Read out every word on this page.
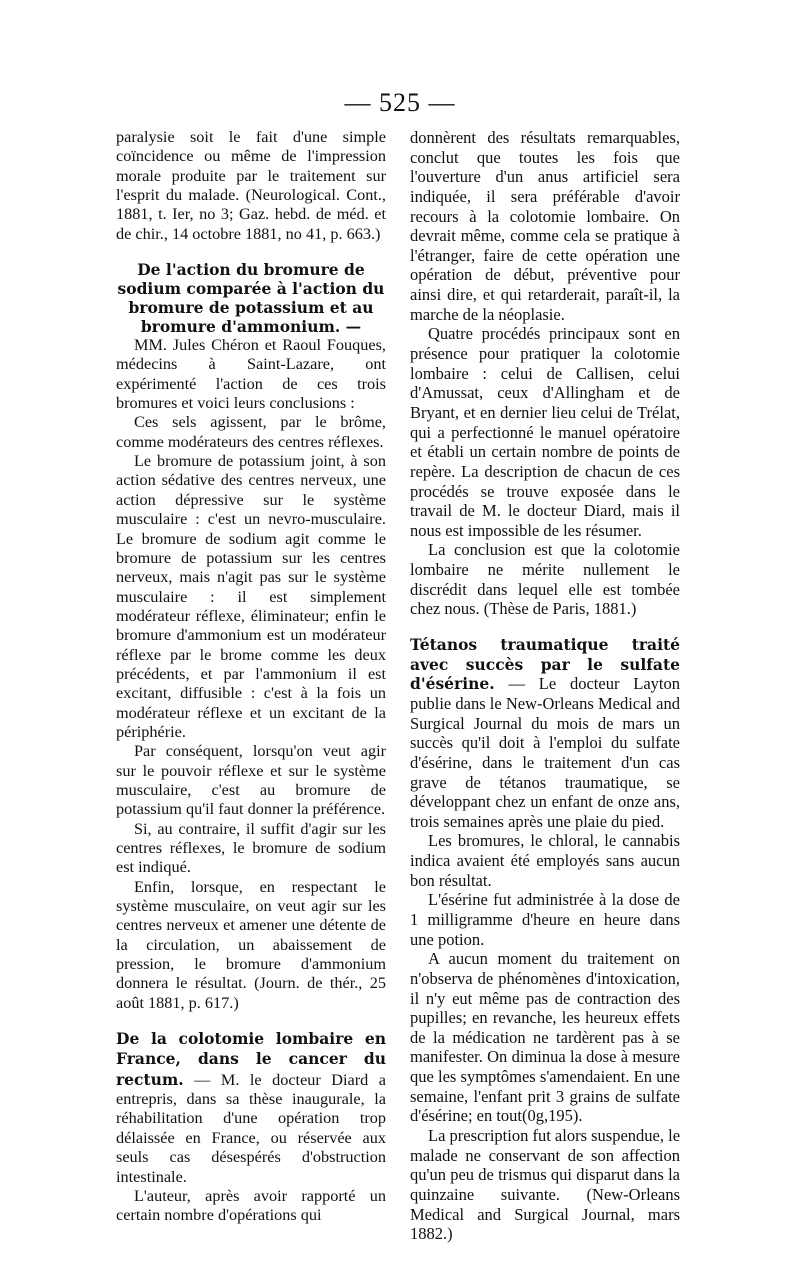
— 525 —

paralysie soit le fait d'une simple coïncidence ou même de l'impression morale produite par le traitement sur l'esprit du malade. (Neurological. Cont., 1881, t. Ier, no 3; Gaz. hebd. de méd. et de chir., 14 octobre 1881, no 41, p. 663.)

De l'action du bromure de sodium comparée à l'action du bromure de potassium et au bromure d'ammonium. —

MM. Jules Chéron et Raoul Fouques, médecins à Saint-Lazare, ont expérimenté l'action de ces trois bromures et voici leurs conclusions :

Ces sels agissent, par le brôme, comme modérateurs des centres réflexes.

Le bromure de potassium joint, à son action sédative des centres nerveux, une action dépressive sur le système musculaire : c'est un nevro-musculaire. Le bromure de sodium agit comme le bromure de potassium sur les centres nerveux, mais n'agit pas sur le système musculaire : il est simplement modérateur réflexe, éliminateur; enfin le bromure d'ammonium est un modérateur réflexe par le brome comme les deux précédents, et par l'ammonium il est excitant, diffusible : c'est à la fois un modérateur réflexe et un excitant de la périphérie.

Par conséquent, lorsqu'on veut agir sur le pouvoir réflexe et sur le système musculaire, c'est au bromure de potassium qu'il faut donner la préférence.

Si, au contraire, il suffit d'agir sur les centres réflexes, le bromure de sodium est indiqué.

Enfin, lorsque, en respectant le système musculaire, on veut agir sur les centres nerveux et amener une détente de la circulation, un abaissement de pression, le bromure d'ammonium donnera le résultat. (Journ. de thér., 25 août 1881, p. 617.)

De la colotomie lombaire en France, dans le cancer du rectum. — M. le docteur Diard a entrepris, dans sa thèse inaugurale, la réhabilitation d'une opération trop délaissée en France, ou réservée aux seuls cas désespérés d'obstruction intestinale.

L'auteur, après avoir rapporté un certain nombre d'opérations qui

donnèrent des résultats remarquables, conclut que toutes les fois que l'ouverture d'un anus artificiel sera indiquée, il sera préférable d'avoir recours à la colotomie lombaire. On devrait même, comme cela se pratique à l'étranger, faire de cette opération une opération de début, préventive pour ainsi dire, et qui retarderait, paraît-il, la marche de la néoplasie.

Quatre procédés principaux sont en présence pour pratiquer la colotomie lombaire : celui de Callisen, celui d'Amussat, ceux d'Allingham et de Bryant, et en dernier lieu celui de Trélat, qui a perfectionné le manuel opératoire et établi un certain nombre de points de repère. La description de chacun de ces procédés se trouve exposée dans le travail de M. le docteur Diard, mais il nous est impossible de les résumer.

La conclusion est que la colotomie lombaire ne mérite nullement le discrédit dans lequel elle est tombée chez nous. (Thèse de Paris, 1881.)

Tétanos traumatique traité avec succès par le sulfate d'ésérine. — Le docteur Layton publie dans le New-Orleans Medical and Surgical Journal du mois de mars un succès qu'il doit à l'emploi du sulfate d'ésérine, dans le traitement d'un cas grave de tétanos traumatique, se développant chez un enfant de onze ans, trois semaines après une plaie du pied.

Les bromures, le chloral, le cannabis indica avaient été employés sans aucun bon résultat.

L'ésérine fut administrée à la dose de 1 milligramme d'heure en heure dans une potion.

A aucun moment du traitement on n'observa de phénomènes d'intoxication, il n'y eut même pas de contraction des pupilles; en revanche, les heureux effets de la médication ne tardèrent pas à se manifester. On diminua la dose à mesure que les symptômes s'amendaient. En une semaine, l'enfant prit 3 grains de sulfate d'ésérine; en tout(0g,195).

La prescription fut alors suspendue, le malade ne conservant de son affection qu'un peu de trismus qui disparut dans la quinzaine suivante. (New-Orleans Medical and Surgical Journal, mars 1882.)
